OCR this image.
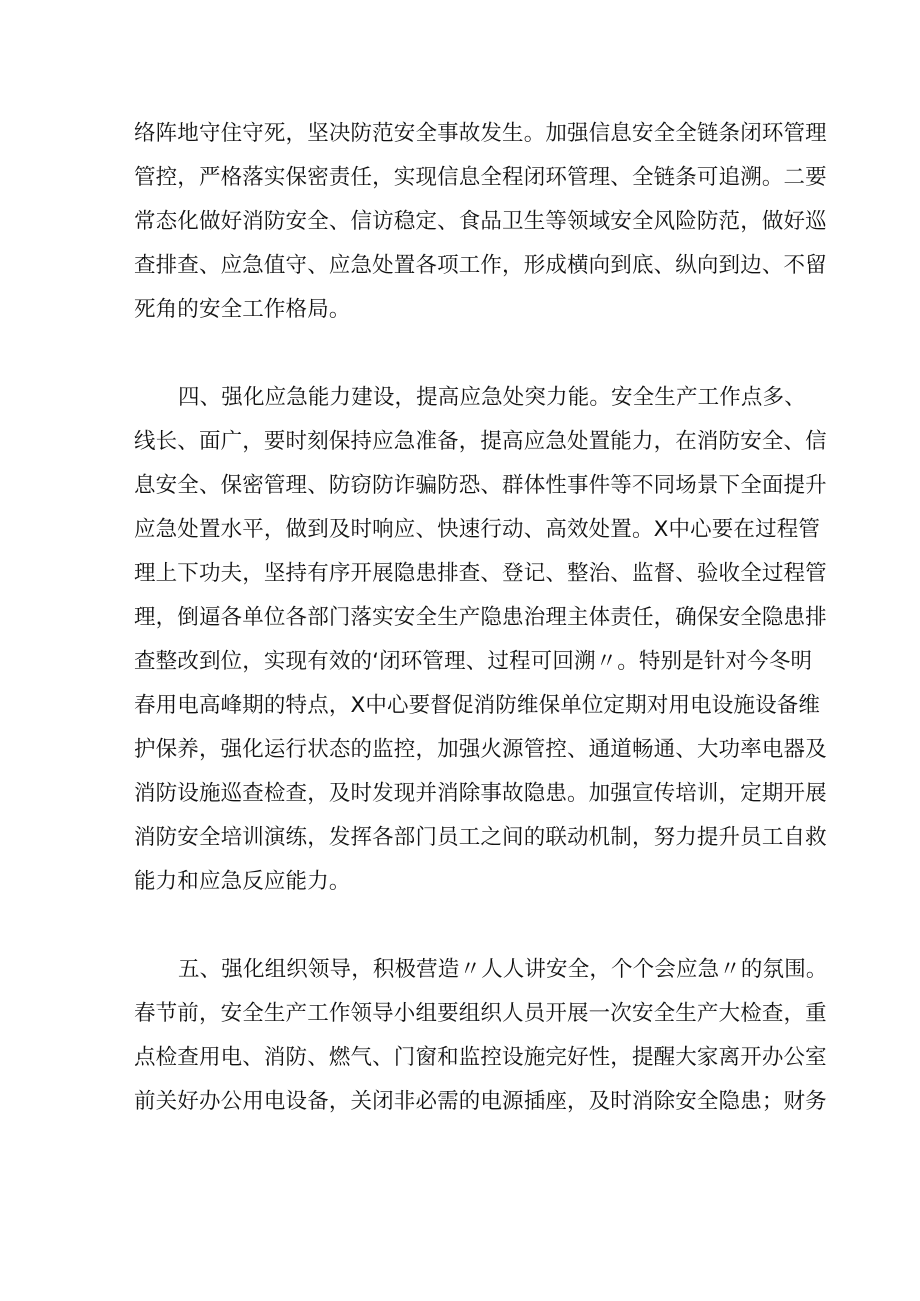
络阵地守住守死，坚决防范安全事故发生。加强信息安全全链条闭环管理
管控，严格落实保密责任，实现信息全程闭环管理、全链条可追溯。二要
常态化做好消防安全、信访稳定、食品卫生等领域安全风险防范，做好巡
查排查、应急值守、应急处置各项工作，形成横向到底、纵向到边、不留
死角的安全工作格局。
四、强化应急能力建设，提高应急处突力能。安全生产工作点多、
线长、面广，要时刻保持应急准备，提高应急处置能力，在消防安全、信
息安全、保密管理、防窃防诈骗防恐、群体性事件等不同场景下全面提升
应急处置水平，做到及时响应、快速行动、高效处置。X中心要在过程管
理上下功夫，坚持有序开展隐患排查、登记、整治、监督、验收全过程管
理，倒逼各单位各部门落实安全生产隐患治理主体责任，确保安全隐患排
查整改到位，实现有效的‘闭环管理、过程可回溯〃。特别是针对今冬明
春用电高峰期的特点，X中心要督促消防维保单位定期对用电设施设备维
护保养，强化运行状态的监控，加强火源管控、通道畅通、大功率电器及
消防设施巡查检查，及时发现并消除事故隐患。加强宣传培训，定期开展
消防安全培训演练，发挥各部门员工之间的联动机制，努力提升员工自救
能力和应急反应能力。
五、强化组织领导，积极营造〃人人讲安全，个个会应急〃的氛围。
春节前，安全生产工作领导小组要组织人员开展一次安全生产大检查，重
点检查用电、消防、燃气、门窗和监控设施完好性，提醒大家离开办公室
前关好办公用电设备，关闭非必需的电源插座，及时消除安全隐患；财务
